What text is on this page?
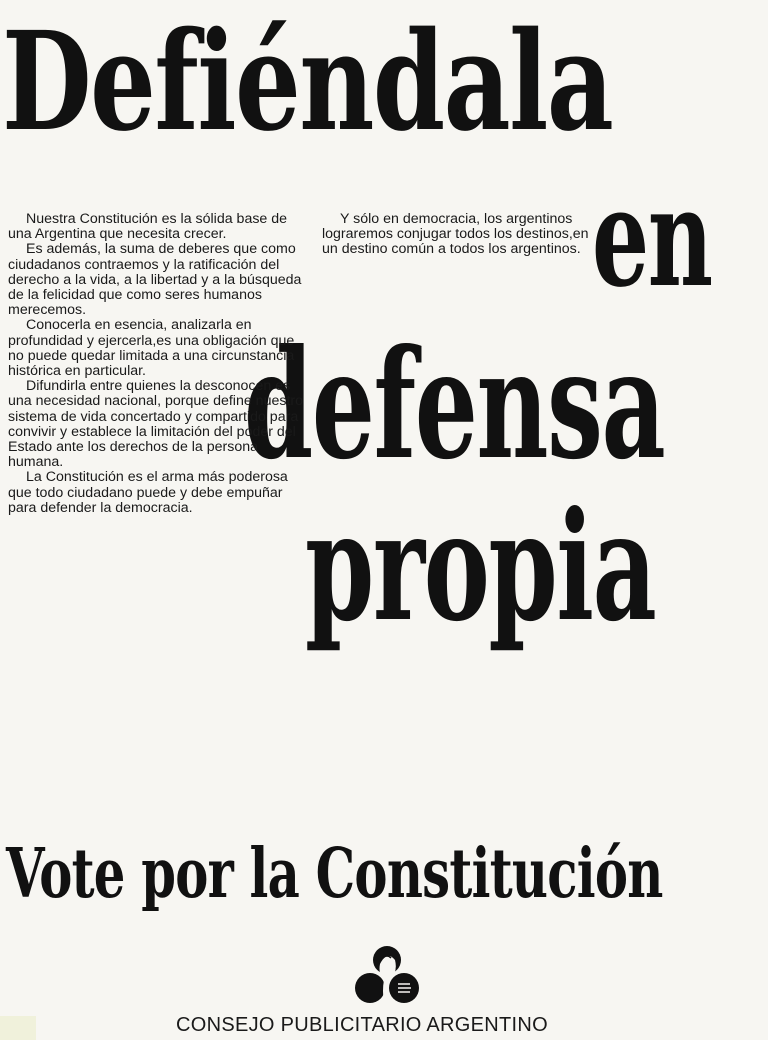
Defiéndala
en
defensa
propia

Nuestra Constitución es la sólida base de una Argentina que necesita crecer.

Es además, la suma de deberes que como ciudadanos contraemos y la ratificación del derecho a la vida, a la libertad y a la búsqueda de la felicidad que como seres humanos merecemos.

Conocerla en esencia, analizarla en profundidad y ejercerla,es una obligación que no puede quedar limitada a una circunstancia histórica en particular.

Difundirla entre quienes la desconocen es una necesidad nacional, porque define nuestro sistema de vida concertado y compartido para convivir y establece la limitación del poder del Estado ante los derechos de la persona humana.

La Constitución es el arma más poderosa que todo ciudadano puede y debe empuñar para defender la democracia.

Y sólo en democracia, los argentinos lograremos conjugar todos los destinos,en un destino común a todos los argentinos.

Vote por la Constitución
CONSEJO PUBLICITARIO ARGENTINO
